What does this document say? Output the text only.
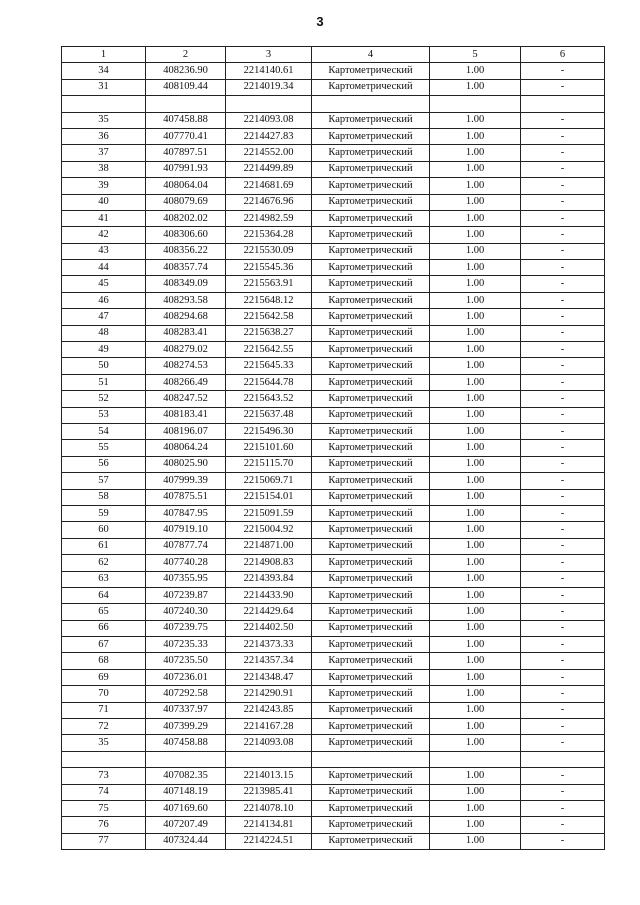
3
1	2	3	4	5	6
34	408236.90	2214140.61	Картометрический	1.00	-
31	408109.44	2214019.34	Картометрический	1.00	-

35	407458.88	2214093.08	Картометрический	1.00	-
36	407770.41	2214427.83	Картометрический	1.00	-
37	407897.51	2214552.00	Картометрический	1.00	-
38	407991.93	2214499.89	Картометрический	1.00	-
39	408064.04	2214681.69	Картометрический	1.00	-
40	408079.69	2214676.96	Картометрический	1.00	-
41	408202.02	2214982.59	Картометрический	1.00	-
42	408306.60	2215364.28	Картометрический	1.00	-
43	408356.22	2215530.09	Картометрический	1.00	-
44	408357.74	2215545.36	Картометрический	1.00	-
45	408349.09	2215563.91	Картометрический	1.00	-
46	408293.58	2215648.12	Картометрический	1.00	-
47	408294.68	2215642.58	Картометрический	1.00	-
48	408283.41	2215638.27	Картометрический	1.00	-
49	408279.02	2215642.55	Картометрический	1.00	-
50	408274.53	2215645.33	Картометрический	1.00	-
51	408266.49	2215644.78	Картометрический	1.00	-
52	408247.52	2215643.52	Картометрический	1.00	-
53	408183.41	2215637.48	Картометрический	1.00	-
54	408196.07	2215496.30	Картометрический	1.00	-
55	408064.24	2215101.60	Картометрический	1.00	-
56	408025.90	2215115.70	Картометрический	1.00	-
57	407999.39	2215069.71	Картометрический	1.00	-
58	407875.51	2215154.01	Картометрический	1.00	-
59	407847.95	2215091.59	Картометрический	1.00	-
60	407919.10	2215004.92	Картометрический	1.00	-
61	407877.74	2214871.00	Картометрический	1.00	-
62	407740.28	2214908.83	Картометрический	1.00	-
63	407355.95	2214393.84	Картометрический	1.00	-
64	407239.87	2214433.90	Картометрический	1.00	-
65	407240.30	2214429.64	Картометрический	1.00	-
66	407239.75	2214402.50	Картометрический	1.00	-
67	407235.33	2214373.33	Картометрический	1.00	-
68	407235.50	2214357.34	Картометрический	1.00	-
69	407236.01	2214348.47	Картометрический	1.00	-
70	407292.58	2214290.91	Картометрический	1.00	-
71	407337.97	2214243.85	Картометрический	1.00	-
72	407399.29	2214167.28	Картометрический	1.00	-
35	407458.88	2214093.08	Картометрический	1.00	-

73	407082.35	2214013.15	Картометрический	1.00	-
74	407148.19	2213985.41	Картометрический	1.00	-
75	407169.60	2214078.10	Картометрический	1.00	-
76	407207.49	2214134.81	Картометрический	1.00	-
77	407324.44	2214224.51	Картометрический	1.00	-
